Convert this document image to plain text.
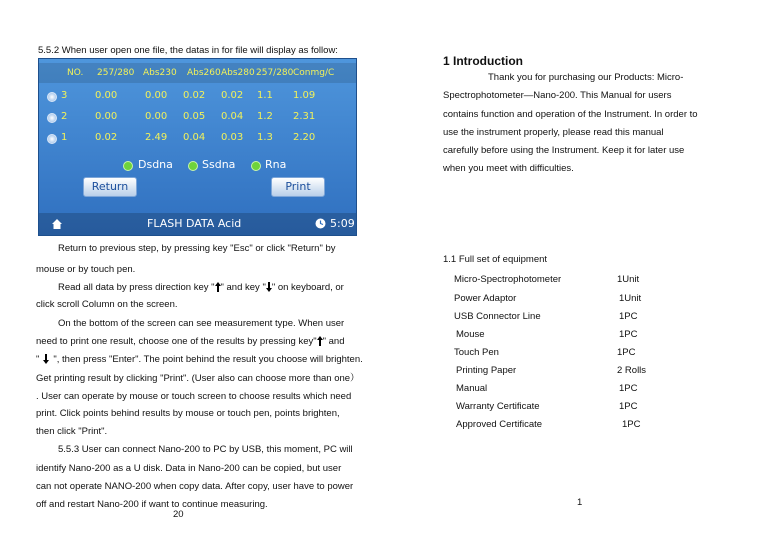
5.5.2 When user open one file, the datas in for file will display as follow:
NO. 257/280 Abs230 Abs260 Abs280 257/280 Conmg/C
3	0.00	0.00 0.02 0.02 1.1 1.09
2	0.00	0.00 0.05 0.04 1.2 2.31
1	0.02	2.49 0.04 0.03 1.3 2.20
Dsdna	Ssdna	Rna
Return	Print
FLASH DATA Acid	5:09
Return to previous step, by pressing key "Esc" or click "Return" by
mouse or by touch pen.
Read all data by press direction key " " and key " " on keyboard, or
click scroll Column on the screen.
On the bottom of the screen can see measurement type. When user
need to print one result, choose one of the results by pressing key" " and
" ", then press "Enter". The point behind the result you choose will brighten.
Get printing result by clicking "Print". (User also can choose more than one）
. User can operate by mouse or touch screen to choose results which need
print. Click points behind results by mouse or touch pen, points brighten,
then click "Print".
5.5.3 User can connect Nano-200 to PC by USB, this moment, PC will
identify Nano-200 as a U disk. Data in Nano-200 can be copied, but user
can not operate NANO-200 when copy data. After copy, user have to power
off and restart Nano-200 if want to continue measuring.
20
1 Introduction
Thank you for purchasing our Products: Micro-
Spectrophotometer—Nano-200. This Manual for users
contains function and operation of the Instrument. In order to
use the instrument properly, please read this manual
carefully before using the Instrument. Keep it for later use
when you meet with difficulties.
1.1 Full set of equipment
Micro-Spectrophotometer	1Unit
Power Adaptor	1Unit
USB Connector Line	1PC
Mouse	1PC
Touch Pen	1PC
Printing Paper	2 Rolls
Manual	1PC
Warranty Certificate	1PC
Approved Certificate	1PC
1
